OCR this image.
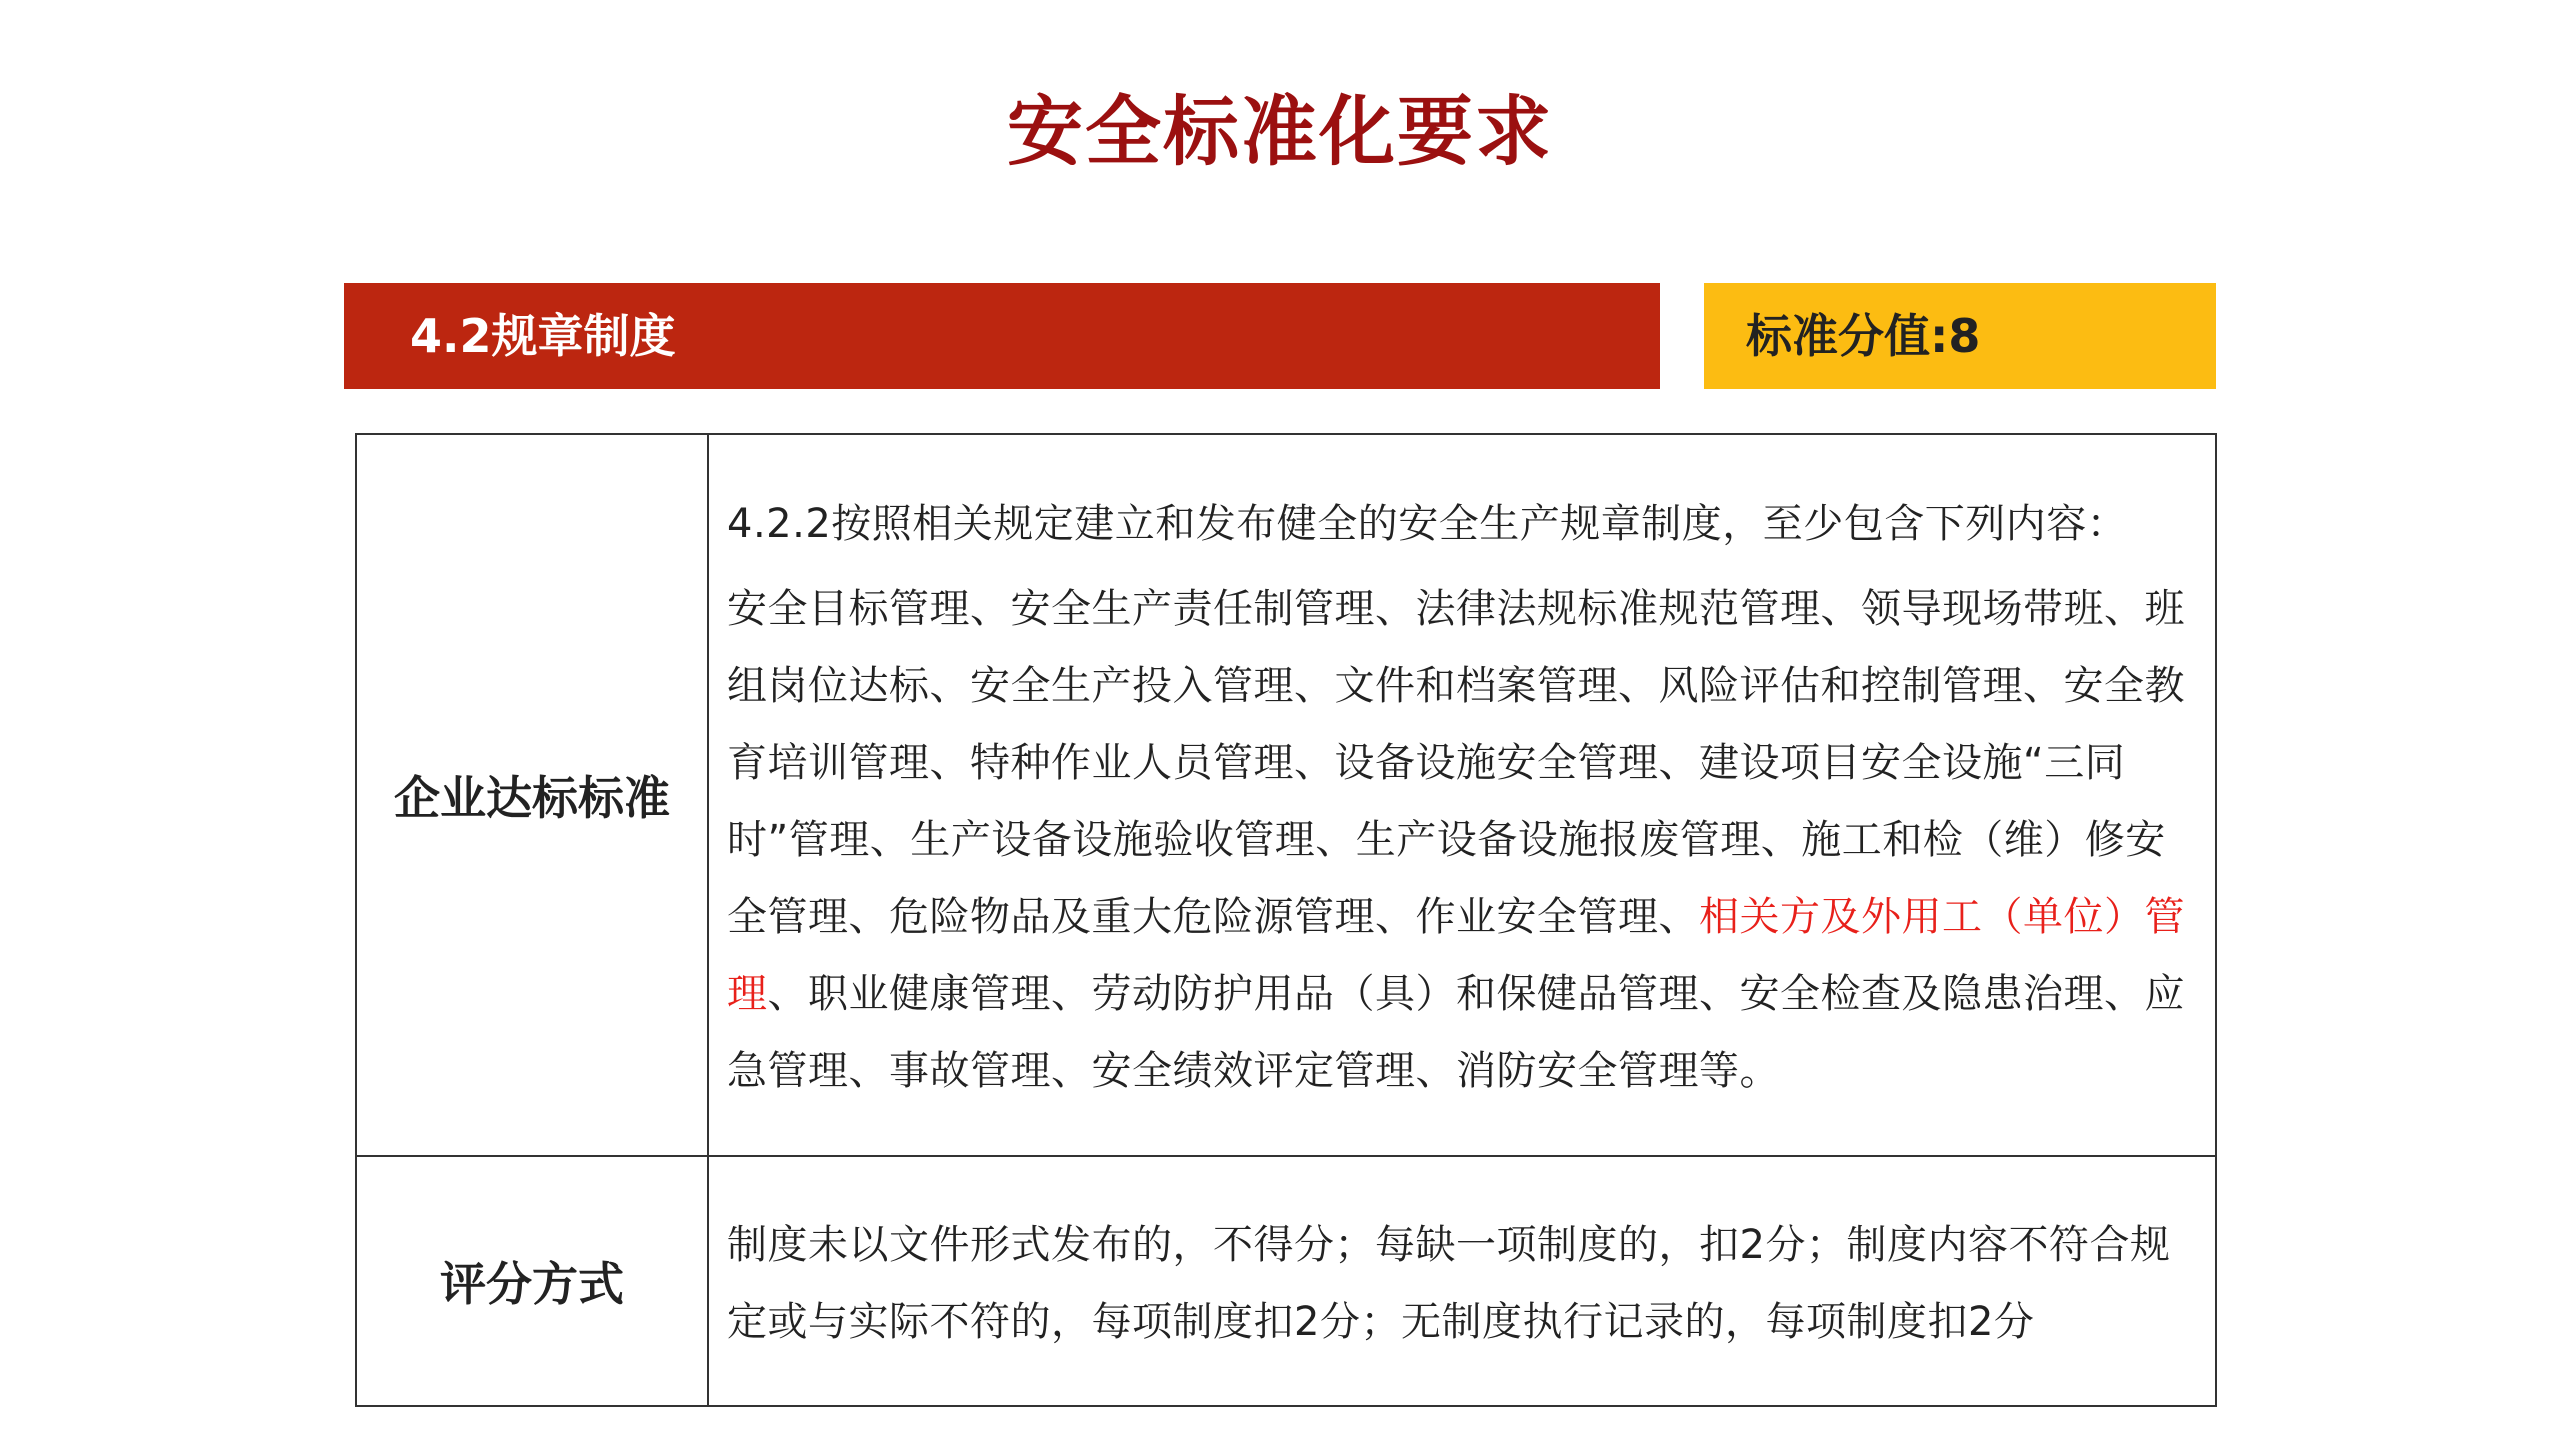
安全标准化要求
4.2规章制度	标准分值:8
企业达标标准	4.2.2按照相关规定建立和发布健全的安全生产规章制度，至少包含下列内容：
安全目标管理、安全生产责任制管理、法律法规标准规范管理、领导现场带班、班组岗位达标、安全生产投入管理、文件和档案管理、风险评估和控制管理、安全教育培训管理、特种作业人员管理、设备设施安全管理、建设项目安全设施“三同时”管理、生产设备设施验收管理、生产设备设施报废管理、施工和检（维）修安全管理、危险物品及重大危险源管理、作业安全管理、相关方及外用工（单位）管理、职业健康管理、劳动防护用品（具）和保健品管理、安全检查及隐患治理、应急管理、事故管理、安全绩效评定管理、消防安全管理等。

评分方式	制度未以文件形式发布的，不得分；每缺一项制度的，扣2分；制度内容不符合规定或与实际不符的，每项制度扣2分；无制度执行记录的，每项制度扣2分
